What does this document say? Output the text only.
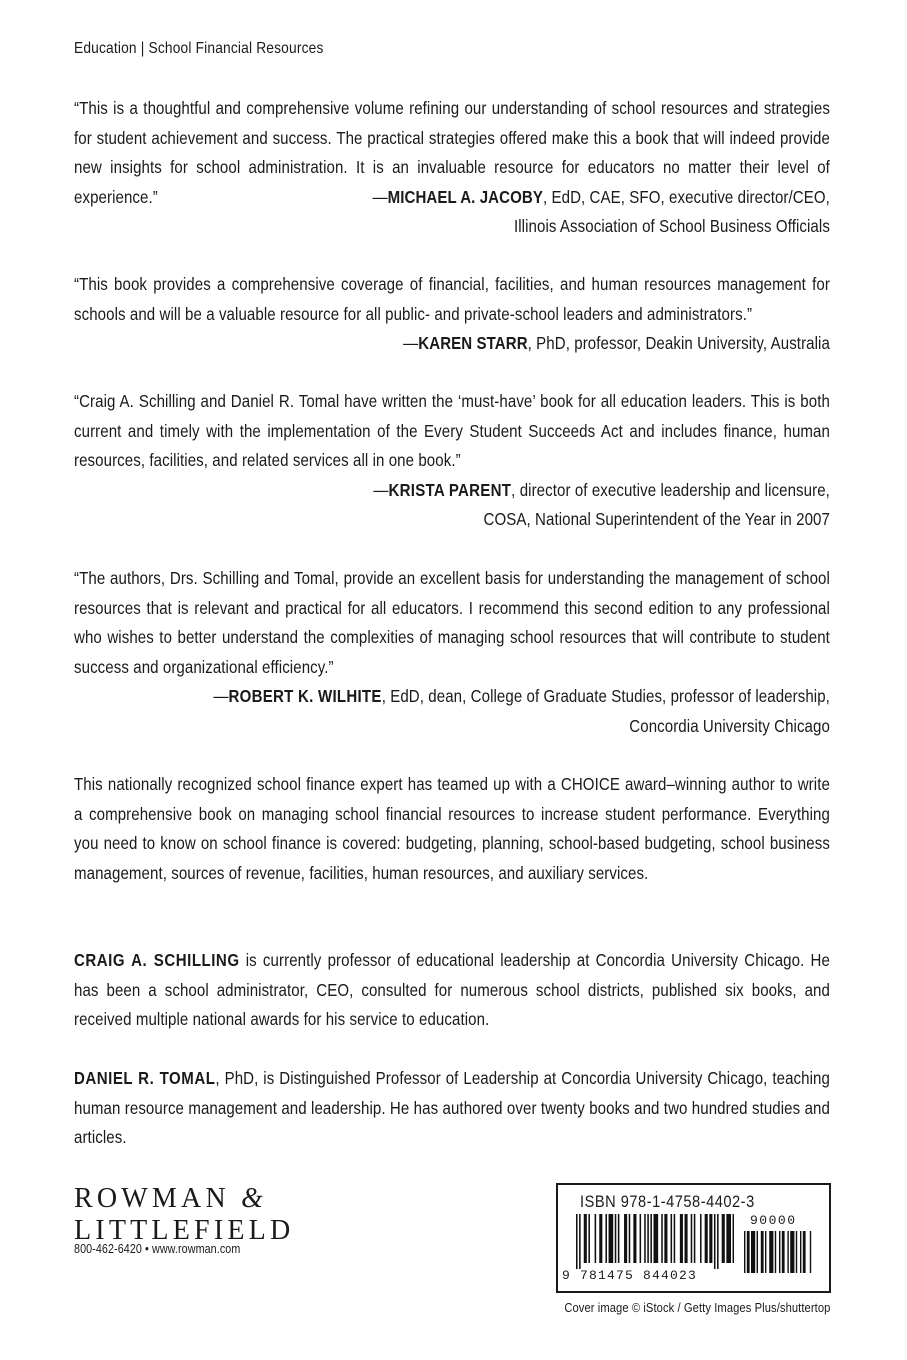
Education | School Financial Resources

“This is a thoughtful and comprehensive volume refining our understanding of school resources and strategies for student achievement and success. The practical strategies offered make this a book that will indeed provide new insights for school administration. It is an invaluable resource for educators no matter their level of experience.”	—MICHAEL A. JACOBY, EdD, CAE, SFO, executive director/CEO,

Illinois Association of School Business Officials

“This book provides a comprehensive coverage of financial, facilities, and human resources management for schools and will be a valuable resource for all public- and private-school leaders and administrators.”
—KAREN STARR, PhD, professor, Deakin University, Australia

“Craig A. Schilling and Daniel R. Tomal have written the ‘must-have’ book for all education leaders. This is both current and timely with the implementation of the Every Student Succeeds Act and includes finance, human resources, facilities, and related services all in one book.”

—KRISTA PARENT, director of executive leadership and licensure,
COSA, National Superintendent of the Year in 2007

“The authors, Drs. Schilling and Tomal, provide an excellent basis for understanding the management of school resources that is relevant and practical for all educators. I recommend this second edition to any professional who wishes to better understand the complexities of managing school resources that will contribute to student success and organizational efficiency.”

—ROBERT K. WILHITE, EdD, dean, College of Graduate Studies, professor of leadership,
Concordia University Chicago

This nationally recognized school finance expert has teamed up with a CHOICE award–winning author to write a comprehensive book on managing school financial resources to increase student performance. Everything you need to know on school finance is covered: budgeting, planning, school-based budgeting, school business management, sources of revenue, facilities, human resources, and auxiliary services.

CRAIG A. SCHILLING is currently professor of educational leadership at Concordia University Chicago. He has been a school administrator, CEO, consulted for numerous school districts, published six books, and received multiple national awards for his service to education.

DANIEL R. TOMAL, PhD, is Distinguished Professor of Leadership at Concordia University Chicago, teaching human resource management and leadership. He has authored over twenty books and two hundred studies and articles.

ROWMAN &
LITTLEFIELD
800-462-6420 • www.rowman.com
ISBN 978-1-4758-4402-3
90000
9 781475 844023
Cover image © iStock / Getty Images Plus/shuttertop
